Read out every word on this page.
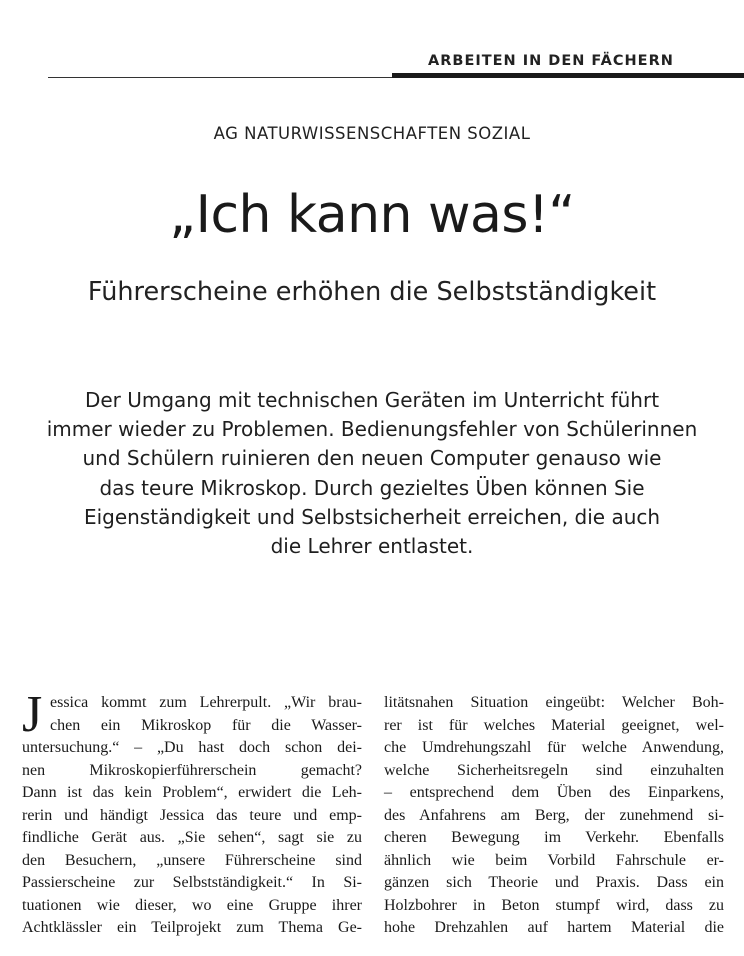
ARBEITEN IN DEN FÄCHERN
AG NATURWISSENSCHAFTEN SOZIAL
„Ich kann was!“
Führerscheine erhöhen die Selbstständigkeit
Der Umgang mit technischen Geräten im Unterricht führt
immer wieder zu Problemen. Bedienungsfehler von Schülerinnen
und Schülern ruinieren den neuen Computer genauso wie
das teure Mikroskop. Durch gezieltes Üben können Sie
Eigenständigkeit und Selbstsicherheit erreichen, die auch
die Lehrer entlastet.
J essica kommt zum Lehrerpult. „Wir brau-
chen ein Mikroskop für die Wasser-
untersuchung.“ – „Du hast doch schon dei-
nen Mikroskopierführerschein gemacht?
Dann ist das kein Problem“, erwidert die Leh-
rerin und händigt Jessica das teure und emp-
findliche Gerät aus. „Sie sehen“, sagt sie zu
den Besuchern, „unsere Führerscheine sind
Passierscheine zur Selbstständigkeit.“ In Si-
tuationen wie dieser, wo eine Gruppe ihrer
Achtklässler ein Teilprojekt zum Thema Ge-
litätsnahen Situation eingeübt: Welcher Boh-
rer ist für welches Material geeignet, wel-
che Umdrehungszahl für welche Anwendung,
welche Sicherheitsregeln sind einzuhalten
– entsprechend dem Üben des Einparkens,
des Anfahrens am Berg, der zunehmend si-
cheren Bewegung im Verkehr. Ebenfalls
ähnlich wie beim Vorbild Fahrschule er-
gänzen sich Theorie und Praxis. Dass ein
Holzbohrer in Beton stumpf wird, dass zu
hohe Drehzahlen auf hartem Material die
